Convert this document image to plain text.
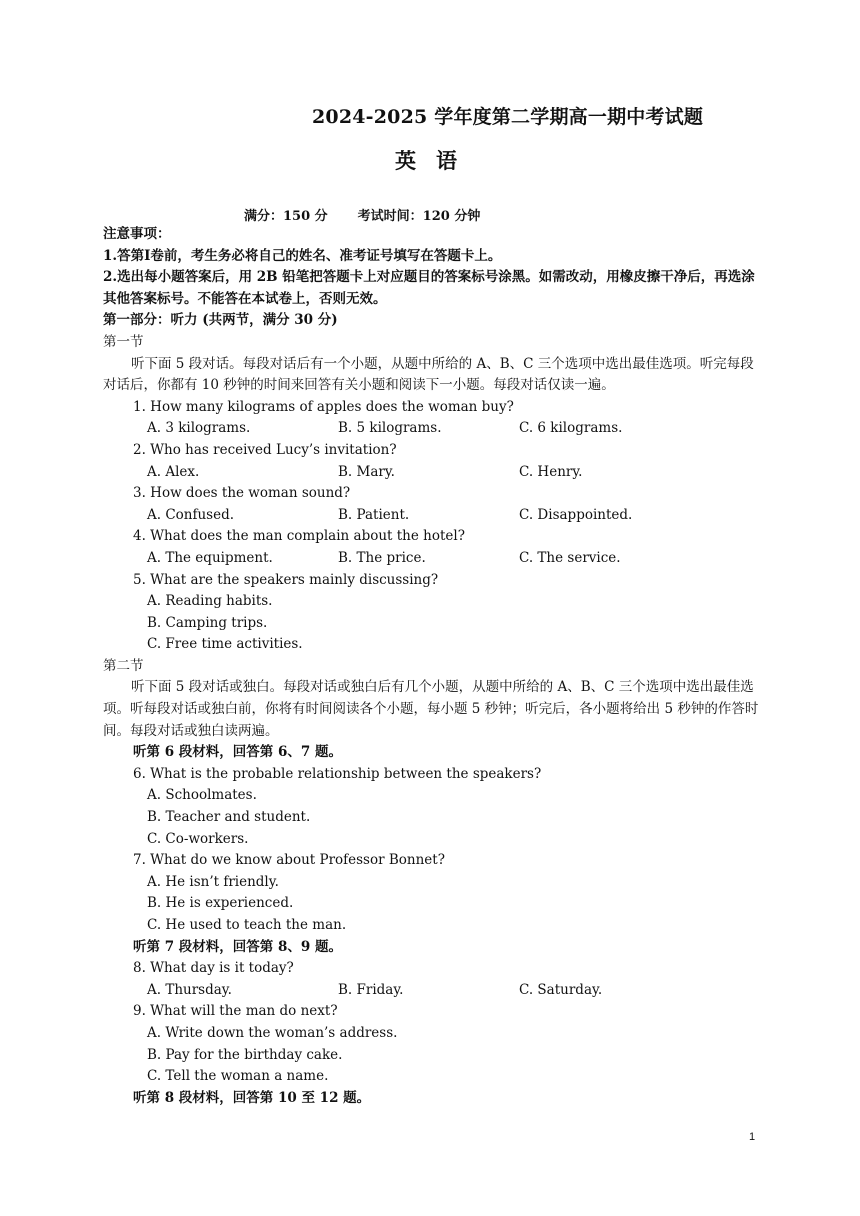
2024-2025 学年度第二学期高一期中考试题
英语
满分：150 分 考试时间：120 分钟
注意事项：
1.答第I卷前，考生务必将自己的姓名、准考证号填写在答题卡上。
2.选出每小题答案后，用 2B 铅笔把答题卡上对应题目的答案标号涂黑。如需改动，用橡皮擦干净后，再选涂其他答案标号。不能答在本试卷上，否则无效。
第一部分：听力 (共两节，满分 30 分)
第一节
听下面 5 段对话。每段对话后有一个小题，从题中所给的 A、B、C 三个选项中选出最佳选项。听完每段对话后，你都有 10 秒钟的时间来回答有关小题和阅读下一小题。每段对话仅读一遍。
1. How many kilograms of apples does the woman buy?
A. 3 kilograms.	B. 5 kilograms.	C. 6 kilograms.
2. Who has received Lucy’s invitation?
A. Alex.	B. Mary.	C. Henry.
3. How does the woman sound?
A. Confused.	B. Patient.	C. Disappointed.
4. What does the man complain about the hotel?
A. The equipment.	B. The price.	C. The service.
5. What are the speakers mainly discussing?
A. Reading habits.
B. Camping trips.
C. Free time activities.
第二节
听下面 5 段对话或独白。每段对话或独白后有几个小题，从题中所给的 A、B、C 三个选项中选出最佳选项。听每段对话或独白前，你将有时间阅读各个小题，每小题 5 秒钟；听完后，各小题将给出 5 秒钟的作答时间。每段对话或独白读两遍。
听第 6 段材料，回答第 6、7 题。
6. What is the probable relationship between the speakers?
A. Schoolmates.
B. Teacher and student.
C. Co-workers.
7. What do we know about Professor Bonnet?
A. He isn’t friendly.
B. He is experienced.
C. He used to teach the man.
听第 7 段材料，回答第 8、9 题。
8. What day is it today?
A. Thursday.	B. Friday.	C. Saturday.
9. What will the man do next?
A. Write down the woman’s address.
B. Pay for the birthday cake.
C. Tell the woman a name.
听第 8 段材料，回答第 10 至 12 题。
1
